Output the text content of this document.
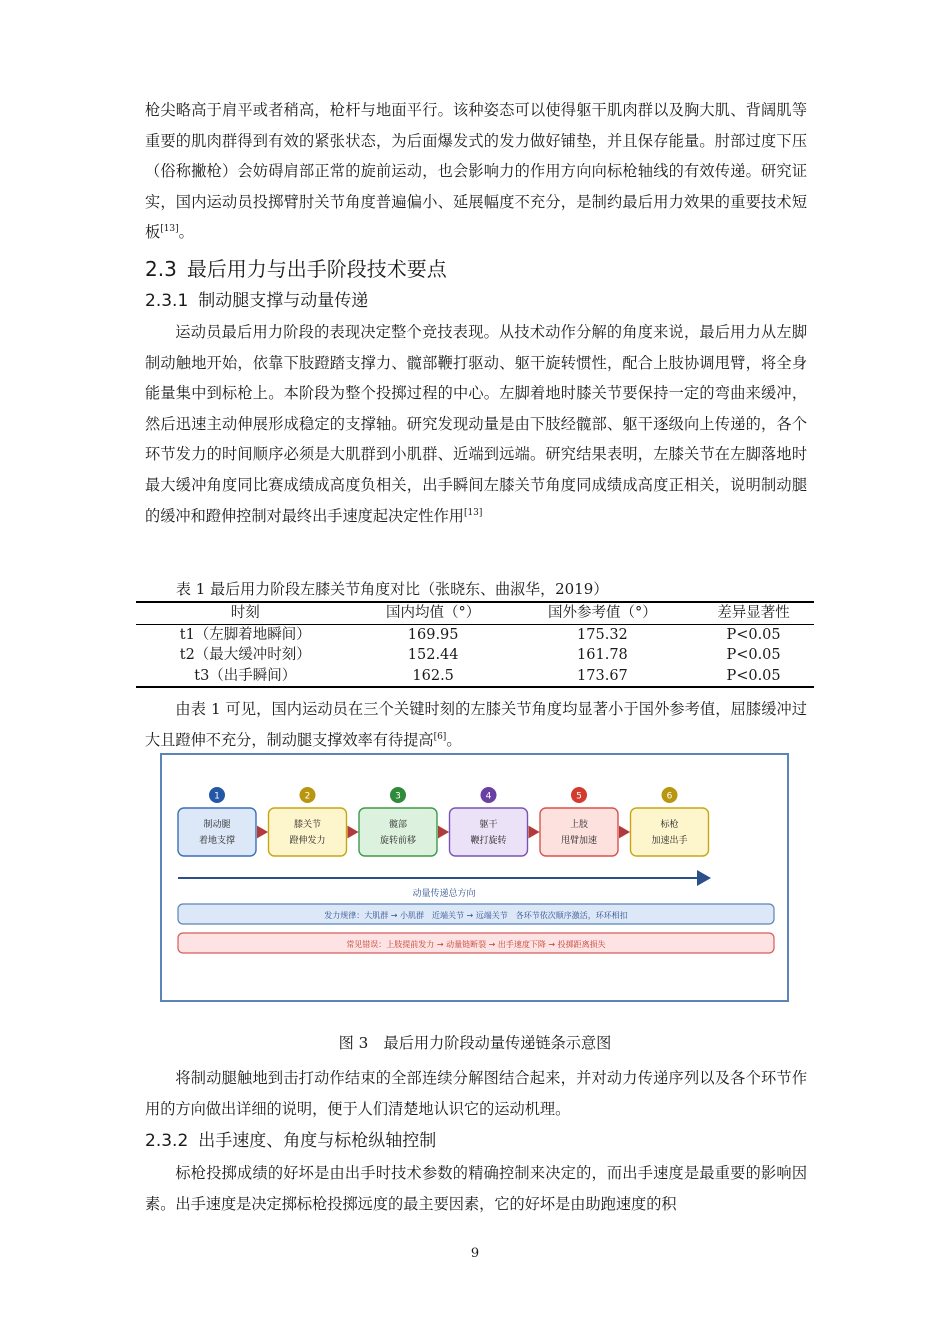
枪尖略高于肩平或者稍高，枪杆与地面平行。该种姿态可以使得躯干肌肉群以及胸大肌、背阔肌等重要的肌肉群得到有效的紧张状态，为后面爆发式的发力做好铺垫，并且保存能量。肘部过度下压（俗称撇枪）会妨碍肩部正常的旋前运动，也会影响力的作用方向向标枪轴线的有效传递。研究证实，国内运动员投掷臂肘关节角度普遍偏小、延展幅度不充分，是制约最后用力效果的重要技术短板[13]。

2.3 最后用力与出手阶段技术要点
2.3.1 制动腿支撑与动量传递

运动员最后用力阶段的表现决定整个竞技表现。从技术动作分解的角度来说，最后用力从左脚制动触地开始，依靠下肢蹬踏支撑力、髋部鞭打驱动、躯干旋转惯性，配合上肢协调甩臂，将全身能量集中到标枪上。本阶段为整个投掷过程的中心。左脚着地时膝关节要保持一定的弯曲来缓冲，然后迅速主动伸展形成稳定的支撑轴。研究发现动量是由下肢经髋部、躯干逐级向上传递的，各个环节发力的时间顺序必须是大肌群到小肌群、近端到远端。研究结果表明，左膝关节在左脚落地时最大缓冲角度同比赛成绩成高度负相关，出手瞬间左膝关节角度同成绩成高度正相关，说明制动腿的缓冲和蹬伸控制对最终出手速度起决定性作用[13]

表 1 最后用力阶段左膝关节角度对比（张晓东、曲淑华，2019）

时刻	国内均值（°）	国外参考值（°）	差异显著性
t1（左脚着地瞬间）	169.95	175.32	P<0.05
t2（最大缓冲时刻）	152.44	161.78	P<0.05
t3（出手瞬间）	162.5	173.67	P<0.05

由表 1 可见，国内运动员在三个关键时刻的左膝关节角度均显著小于国外参考值，屈膝缓冲过大且蹬伸不充分，制动腿支撑效率有待提高[6]。

1
制动腿
着地支撑
2
膝关节
蹬伸发力
3
髋部
旋转前移
4
躯干
鞭打旋转
5
上肢
甩臂加速
6
标枪
加速出手
动量传递总方向
发力规律：大肌群 → 小肌群　近端关节 → 远端关节　各环节依次顺序激活，环环相扣
常见错误：上肢提前发力 → 动量链断裂 → 出手速度下降 → 投掷距离损失

图 3　最后用力阶段动量传递链条示意图

将制动腿触地到击打动作结束的全部连续分解图结合起来，并对动力传递序列以及各个环节作用的方向做出详细的说明，便于人们清楚地认识它的运动机理。

2.3.2 出手速度、角度与标枪纵轴控制

标枪投掷成绩的好坏是由出手时技术参数的精确控制来决定的，而出手速度是最重要的影响因素。出手速度是决定掷标枪投掷远度的最主要因素，它的好坏是由助跑速度的积

9
